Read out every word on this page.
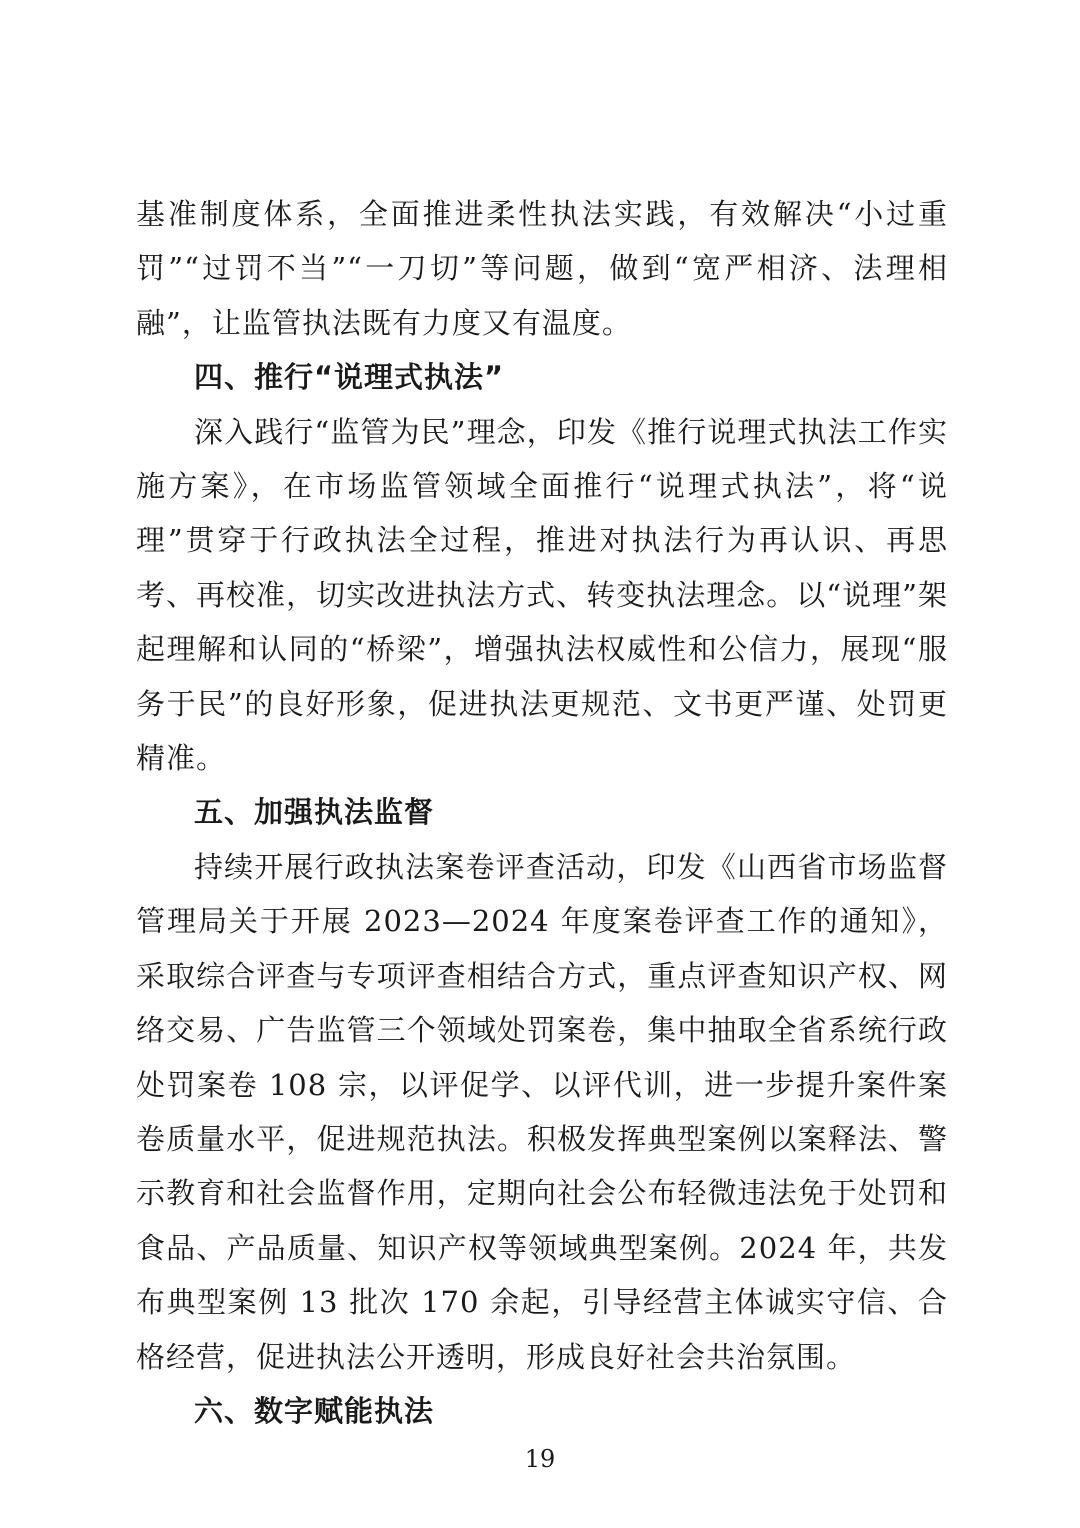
基准制度体系，全面推进柔性执法实践，有效解决“小过重罚”“过罚不当”“一刀切”等问题，做到“宽严相济、法理相融”，让监管执法既有力度又有温度。

四、推行“说理式执法”

深入践行“监管为民”理念，印发《推行说理式执法工作实施方案》，在市场监管领域全面推行“说理式执法”，将“说理”贯穿于行政执法全过程，推进对执法行为再认识、再思考、再校准，切实改进执法方式、转变执法理念。以“说理”架起理解和认同的“桥梁”，增强执法权威性和公信力，展现“服务于民”的良好形象，促进执法更规范、文书更严谨、处罚更精准。

五、加强执法监督

持续开展行政执法案卷评查活动，印发《山西省市场监督管理局关于开展 2023—2024 年度案卷评查工作的通知》，采取综合评查与专项评查相结合方式，重点评查知识产权、网络交易、广告监管三个领域处罚案卷，集中抽取全省系统行政处罚案卷 108 宗，以评促学、以评代训，进一步提升案件案卷质量水平，促进规范执法。积极发挥典型案例以案释法、警示教育和社会监督作用，定期向社会公布轻微违法免于处罚和食品、产品质量、知识产权等领域典型案例。2024 年，共发布典型案例 13 批次 170 余起，引导经营主体诚实守信、合格经营，促进执法公开透明，形成良好社会共治氛围。

六、数字赋能执法

19
